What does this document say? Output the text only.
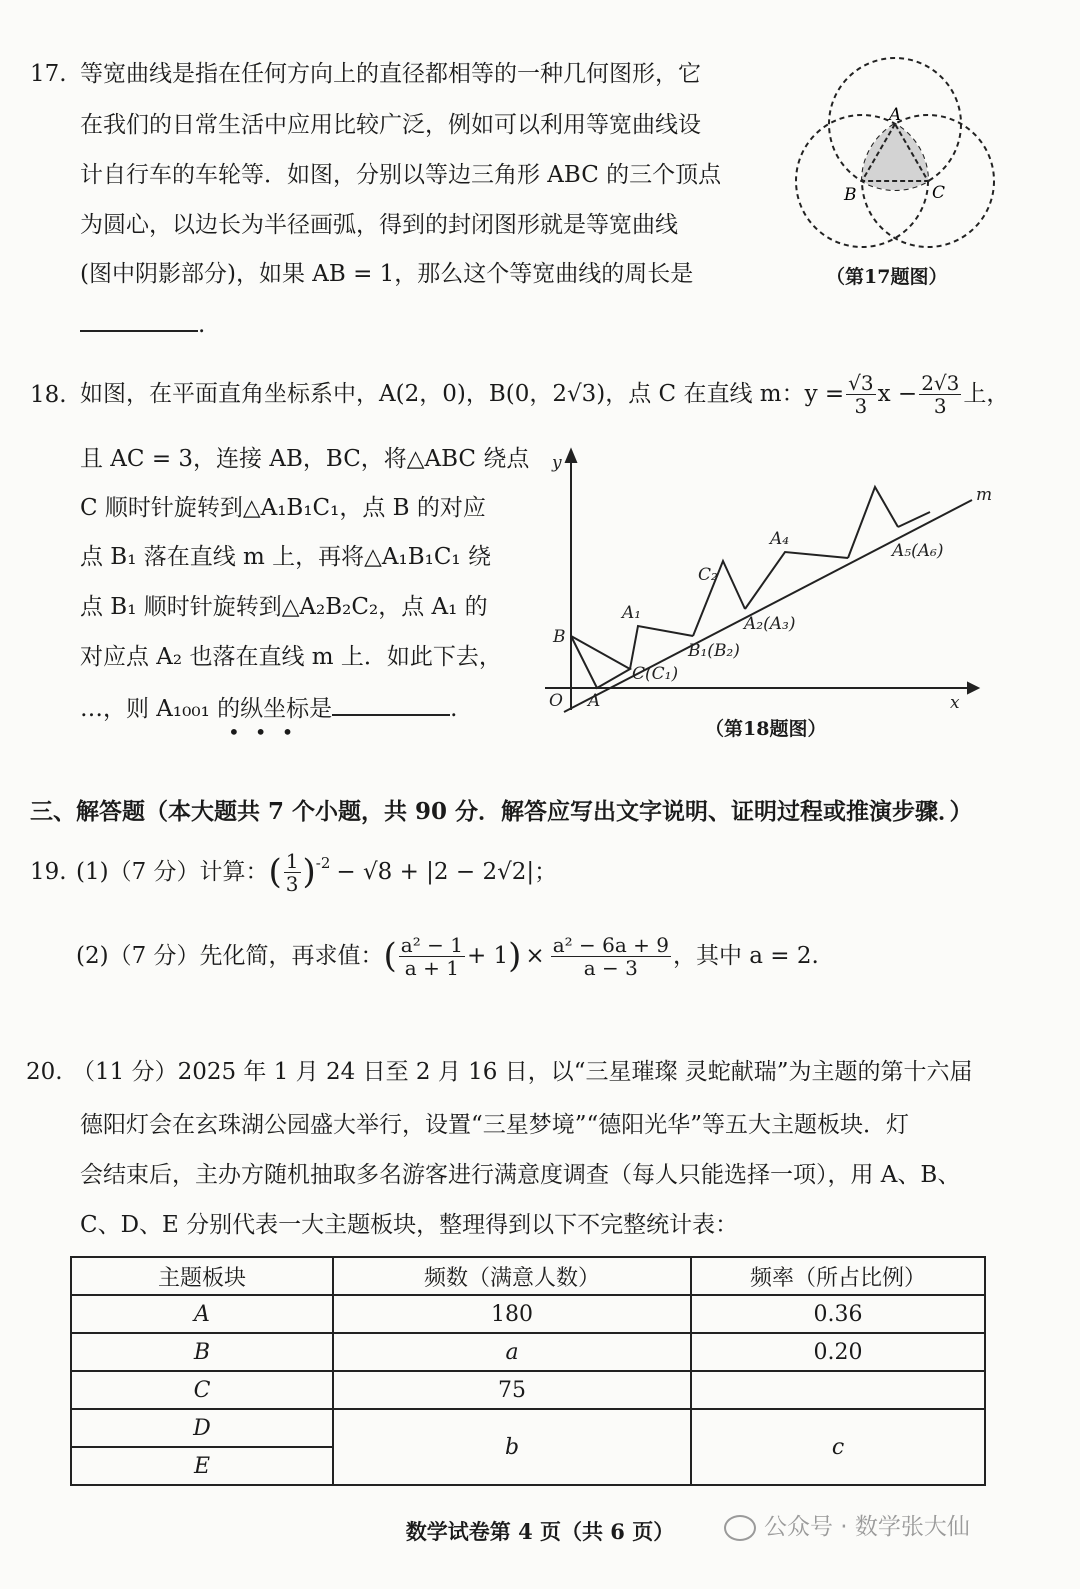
17. 等宽曲线是指在任何方向上的直径都相等的一种几何图形，它
在我们的日常生活中应用比较广泛，例如可以利用等宽曲线设
计自行车的车轮等．如图，分别以等边三角形 ABC 的三个顶点
为圆心，以边长为半径画弧，得到的封闭图形就是等宽曲线
(图中阴影部分)，如果 AB = 1，那么这个等宽曲线的周长是
.
A
B	C
（第17题图）
18. 如图，在平面直角坐标系中，A(2，0)，B(0，2√3)，点 C 在直线 m：$y = \frac{√3}{3}$ $x - \frac{2√3}{3}$ 上，
且 AC = 3，连接 AB，BC，将△ABC 绕点
C 顺时针旋转到△A₁B₁C₁，点 B 的对应
点 B₁ 落在直线 m 上，再将△A₁B₁C₁ 绕
点 B₁ 顺时针旋转到△A₂B₂C₂，点 A₁ 的
对应点 A₂ 也落在直线 m 上．如此下去，
…，则 A₁₀₀₁ 的纵坐标是	.
•••
y
x
O A
B
m
A₁
C₂
A₄
C(C₁)
B₁(B₂)
A₂(A₃)
A₅(A₆)
（第18题图）
三、解答题（本大题共 7 个小题，共 90 分．解答应写出文字说明、证明过程或推演步骤．）
19. (1)（7 分）计算： ( $\frac{1}{3} )^{-2} - √8 + |2 - 2√2|$；
(2)（7 分）先化简，再求值： ( $\frac{\text{a² − 1}}{a + 1} + 1$ ) × $\frac{\text{a² − 6a + 9}}{a - 3}$ ，其中 a = 2.
20. （11 分）2025 年 1 月 24 日至 2 月 16 日，以“三星璀璨 灵蛇献瑞”为主题的第十六届
德阳灯会在玄珠湖公园盛大举行，设置“三星梦境”“德阳光华”等五大主题板块．灯
会结束后，主办方随机抽取多名游客进行满意度调查（每人只能选择一项），用 A、B、
C、D、E 分别代表一大主题板块，整理得到以下不完整统计表：
主题板块	频数（满意人数）	频率（所占比例）
A	180	0.36
B	a	0.20
C	75	
D	b	c
E		
数学试卷第 4 页（共 6 页）	公众号 · 数学张大仙
